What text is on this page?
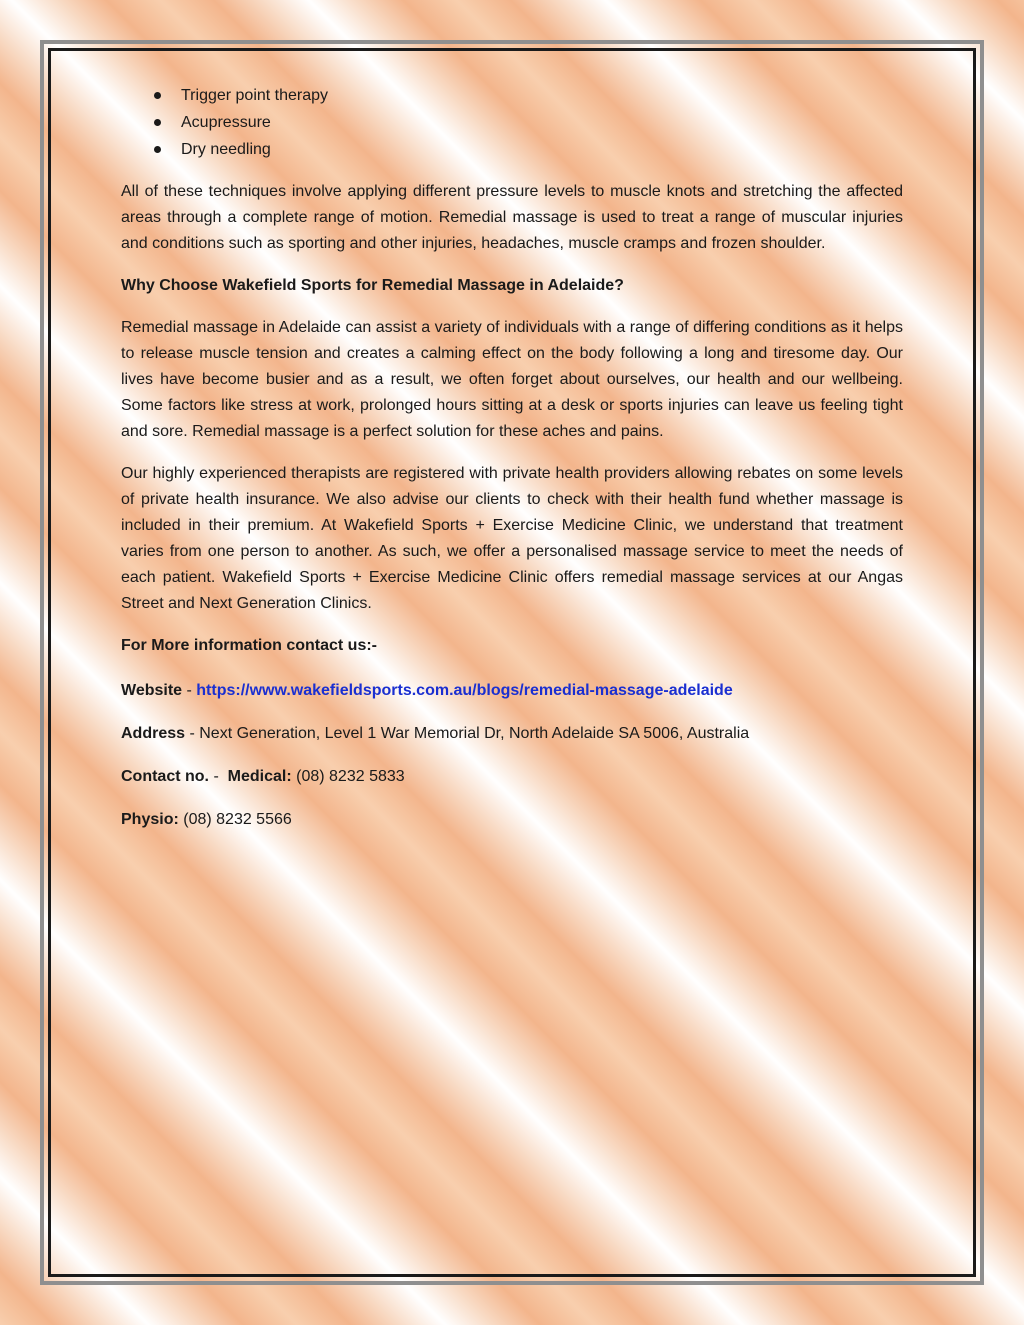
Trigger point therapy
Acupressure
Dry needling

All of these techniques involve applying different pressure levels to muscle knots and stretching the affected areas through a complete range of motion. Remedial massage is used to treat a range of muscular injuries and conditions such as sporting and other injuries, headaches, muscle cramps and frozen shoulder.

Why Choose Wakefield Sports for Remedial Massage in Adelaide?

Remedial massage in Adelaide can assist a variety of individuals with a range of differing conditions as it helps to release muscle tension and creates a calming effect on the body following a long and tiresome day. Our lives have become busier and as a result, we often forget about ourselves, our health and our wellbeing. Some factors like stress at work, prolonged hours sitting at a desk or sports injuries can leave us feeling tight and sore. Remedial massage is a perfect solution for these aches and pains.

Our highly experienced therapists are registered with private health providers allowing rebates on some levels of private health insurance. We also advise our clients to check with their health fund whether massage is included in their premium. At Wakefield Sports + Exercise Medicine Clinic, we understand that treatment varies from one person to another. As such, we offer a personalised massage service to meet the needs of each patient. Wakefield Sports + Exercise Medicine Clinic offers remedial massage services at our Angas Street and Next Generation Clinics.

For More information contact us:-

Website - https://www.wakefieldsports.com.au/blogs/remedial-massage-adelaide

Address - Next Generation, Level 1 War Memorial Dr, North Adelaide SA 5006, Australia

Contact no. -  Medical: (08) 8232 5833

Physio: (08) 8232 5566
